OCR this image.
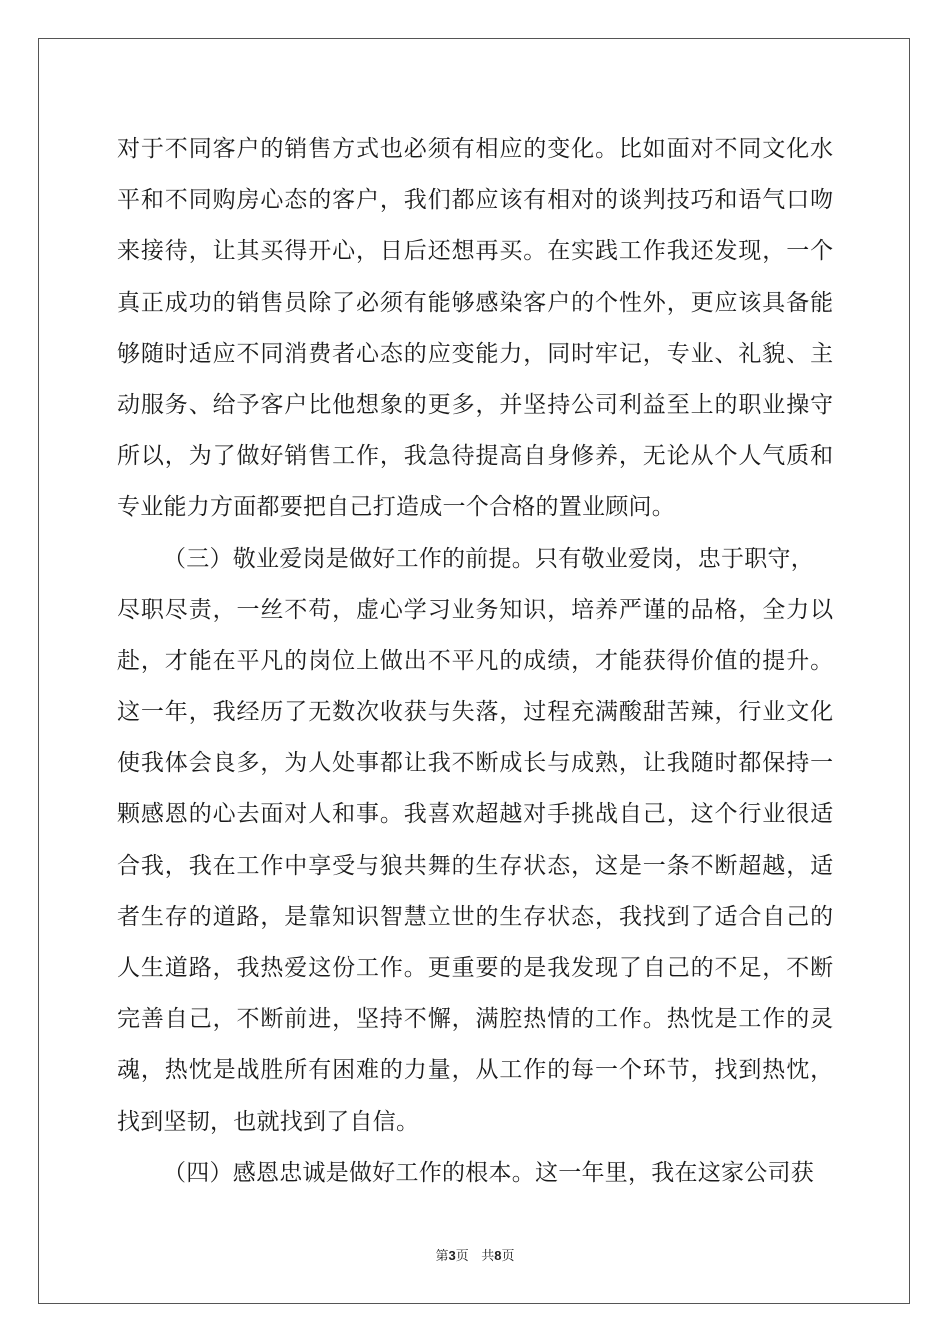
对于不同客户的销售方式也必须有相应的变化。比如面对不同文化水
平和不同购房心态的客户，我们都应该有相对的谈判技巧和语气口吻
来接待，让其买得开心，日后还想再买。在实践工作我还发现，一个
真正成功的销售员除了必须有能够感染客户的个性外，更应该具备能
够随时适应不同消费者心态的应变能力，同时牢记，专业、礼貌、主
动服务、给予客户比他想象的更多，并坚持公司利益至上的职业操守
所以，为了做好销售工作，我急待提高自身修养，无论从个人气质和
专业能力方面都要把自己打造成一个合格的置业顾问。
（三）敬业爱岗是做好工作的前提。只有敬业爱岗，忠于职守，
尽职尽责，一丝不苟，虚心学习业务知识，培养严谨的品格，全力以
赴，才能在平凡的岗位上做出不平凡的成绩，才能获得价值的提升。
这一年，我经历了无数次收获与失落，过程充满酸甜苦辣，行业文化
使我体会良多，为人处事都让我不断成长与成熟，让我随时都保持一
颗感恩的心去面对人和事。我喜欢超越对手挑战自己，这个行业很适
合我，我在工作中享受与狼共舞的生存状态，这是一条不断超越，适
者生存的道路，是靠知识智慧立世的生存状态，我找到了适合自己的
人生道路，我热爱这份工作。更重要的是我发现了自己的不足，不断
完善自己，不断前进，坚持不懈，满腔热情的工作。热忱是工作的灵
魂，热忱是战胜所有困难的力量，从工作的每一个环节，找到热忱，
找到坚韧，也就找到了自信。
（四）感恩忠诚是做好工作的根本。这一年里，我在这家公司获
第3页 共8页
